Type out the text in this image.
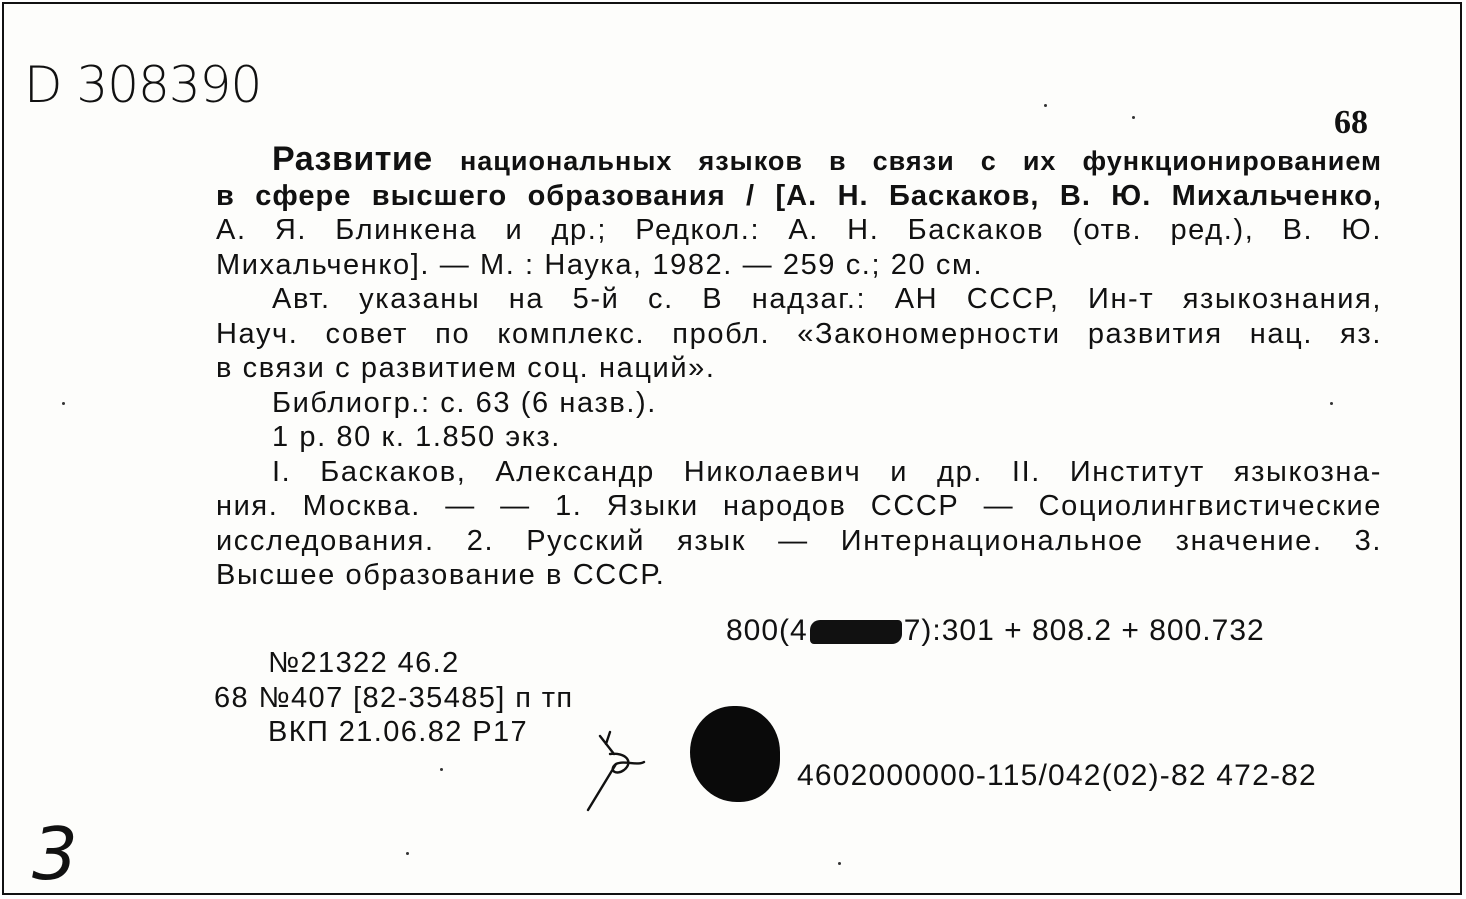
D 308390
68
Развитие национальных языков в связи с их функционированием
в сфере высшего образования / [А. Н. Баскаков, В. Ю. Михальченко,
А. Я. Блинкена и др.; Редкол.: А. Н. Баскаков (отв. ред.), В. Ю.
Михальченко]. — М. : Наука, 1982. — 259 с.; 20 см.
Авт. указаны на 5-й с. В надзаг.: АН СССР, Ин-т языкознания,
Науч. совет по комплекс. пробл. «Закономерности развития нац. яз.
в связи с развитием соц. наций».
Библиогр.: с. 63 (6 назв.).
1 р. 80 к. 1.850 экз.
I. Баскаков, Александр Николаевич и др. II. Институт языкозна-
ния. Москва. — — 1. Языки народов СССР — Социолингвистические
исследования. 2. Русский язык — Интернациональное значение. 3.
Высшее образование в СССР.
800(4	7):301 + 808.2 + 800.732
№21322 46.2
68 №407 [82-35485] п тп
ВКП 21.06.82 Р17
4602000000-115/042(02)-82 472-82
3
